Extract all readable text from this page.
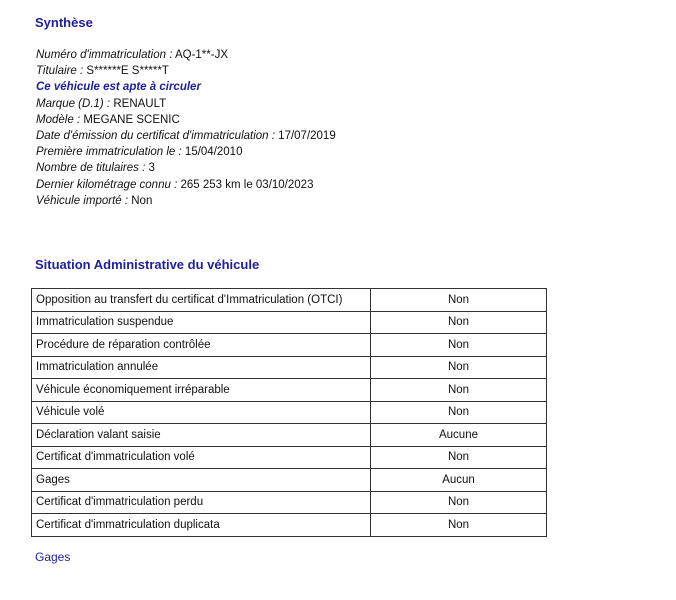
Synthèse
Numéro d'immatriculation : AQ-1**-JX
Titulaire : S******E S*****T
Ce véhicule est apte à circuler
Marque (D.1) : RENAULT
Modèle : MEGANE SCENIC
Date d'émission du certificat d'immatriculation : 17/07/2019
Première immatriculation le : 15/04/2010
Nombre de titulaires : 3
Dernier kilométrage connu : 265 253 km le 03/10/2023
Véhicule importé : Non
Situation Administrative du véhicule
Opposition au transfert du certificat d'Immatriculation (OTCI)	Non
Immatriculation suspendue	Non
Procédure de réparation contrôlée	Non
Immatriculation annulée	Non
Véhicule économiquement irréparable	Non
Véhicule volé	Non
Déclaration valant saisie	Aucune
Certificat d'immatriculation volé	Non
Gages	Aucun
Certificat d'immatriculation perdu	Non
Certificat d'immatriculation duplicata	Non
Gages
